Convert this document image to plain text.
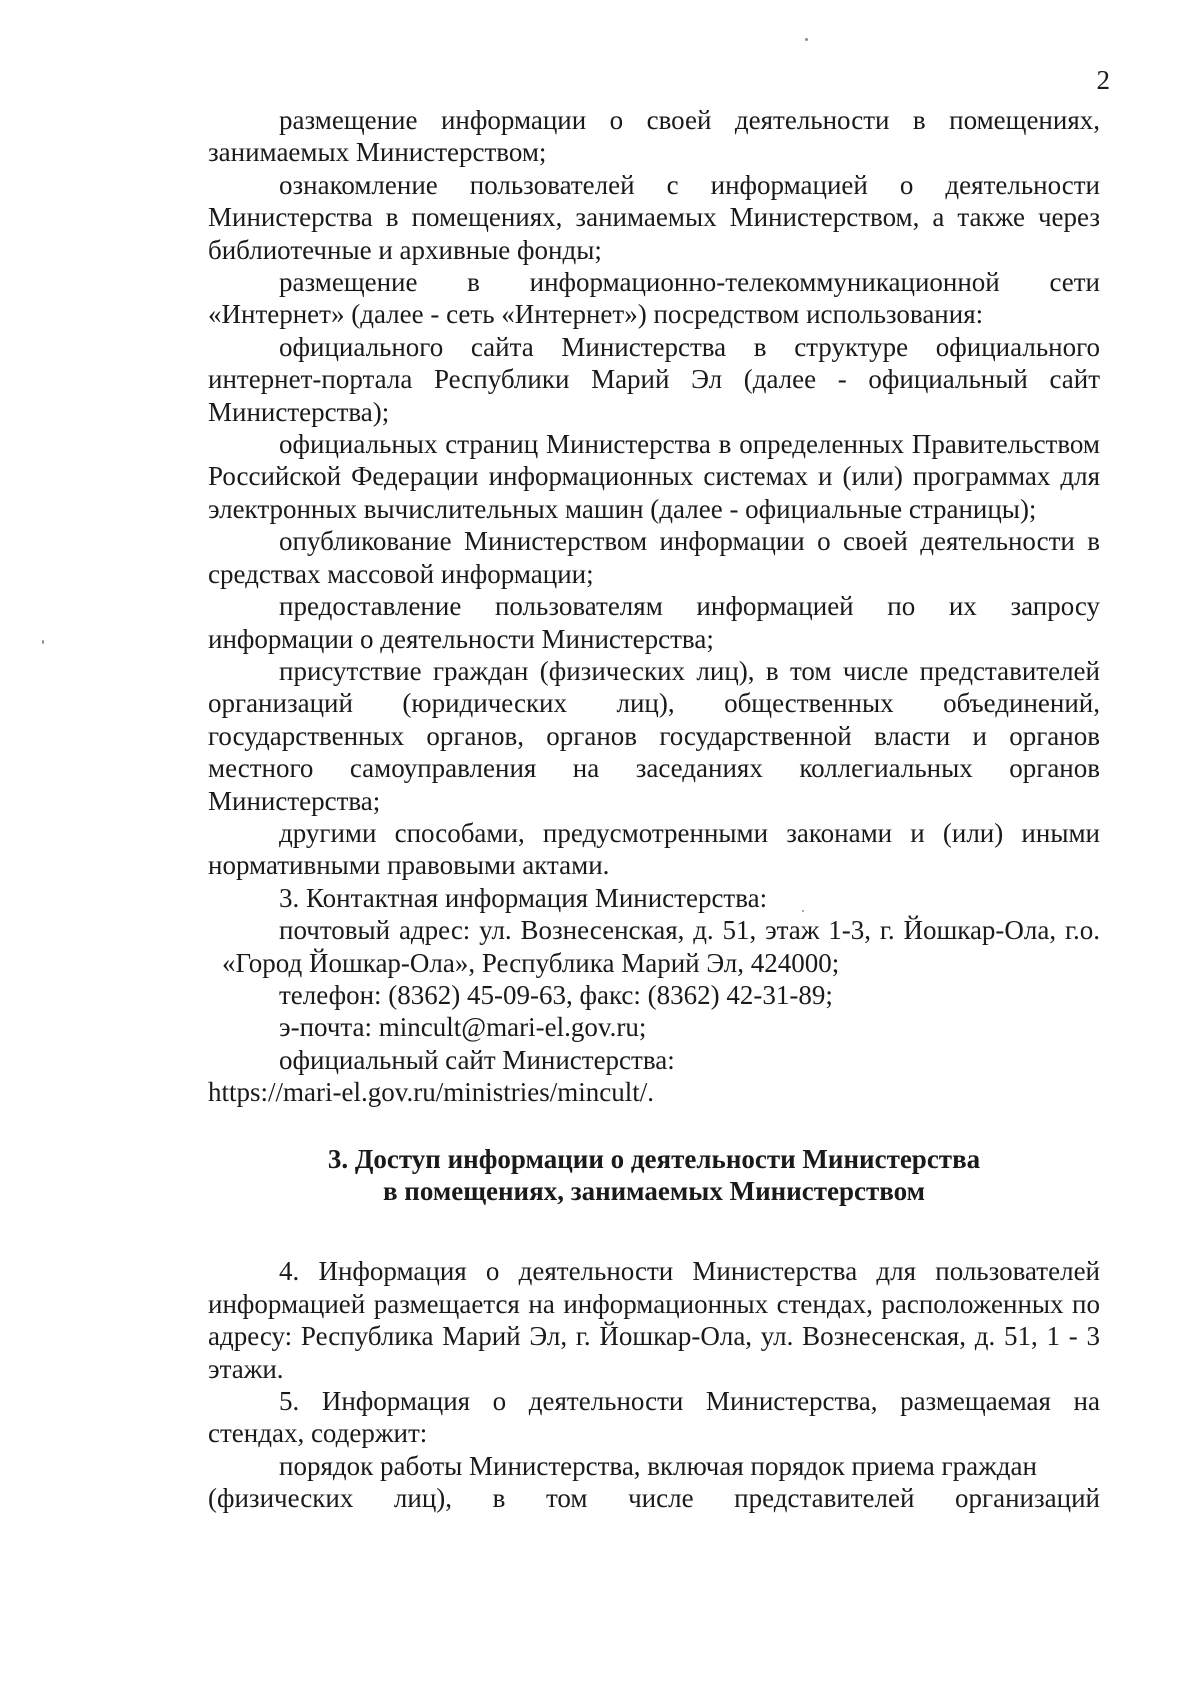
2

размещение информации о своей деятельности в помещениях, занимаемых Министерством;

ознакомление пользователей с информацией о деятельности Министерства в помещениях, занимаемых Министерством, а также через библиотечные и архивные фонды;

размещение в информационно-телекоммуникационной сети «Интернет» (далее - сеть «Интернет») посредством использования:

официального сайта Министерства в структуре официального интернет-портала Республики Марий Эл (далее - официальный сайт Министерства);

официальных страниц Министерства в определенных Правительством Российской Федерации информационных системах и (или) программах для электронных вычислительных машин (далее - официальные страницы);

опубликование Министерством информации о своей деятельности в средствах массовой информации;

предоставление пользователям информацией по их запросу информации о деятельности Министерства;

присутствие граждан (физических лиц), в том числе представителей организаций (юридических лиц), общественных объединений, государственных органов, органов государственной власти и органов местного самоуправления на заседаниях коллегиальных органов Министерства;

другими способами, предусмотренными законами и (или) иными нормативными правовыми актами.

3. Контактная информация Министерства:

почтовый адрес: ул. Вознесенская, д. 51, этаж 1-3, г. Йошкар-Ола, г.о. «Город Йошкар-Ола», Республика Марий Эл, 424000;

телефон: (8362) 45-09-63, факс: (8362) 42-31-89;

э-почта: mincult@mari-el.gov.ru;

официальный сайт Министерства:

https://mari-el.gov.ru/ministries/mincult/.

3. Доступ информации о деятельности Министерства
в помещениях, занимаемых Министерством

4. Информация о деятельности Министерства для пользователей информацией размещается на информационных стендах, расположенных по адресу: Республика Марий Эл, г. Йошкар-Ола, ул. Вознесенская, д. 51, 1 - 3 этажи.

5. Информация о деятельности Министерства, размещаемая на стендах, содержит:

порядок работы Министерства, включая порядок приема граждан

(физических лиц), в том числе представителей организаций
